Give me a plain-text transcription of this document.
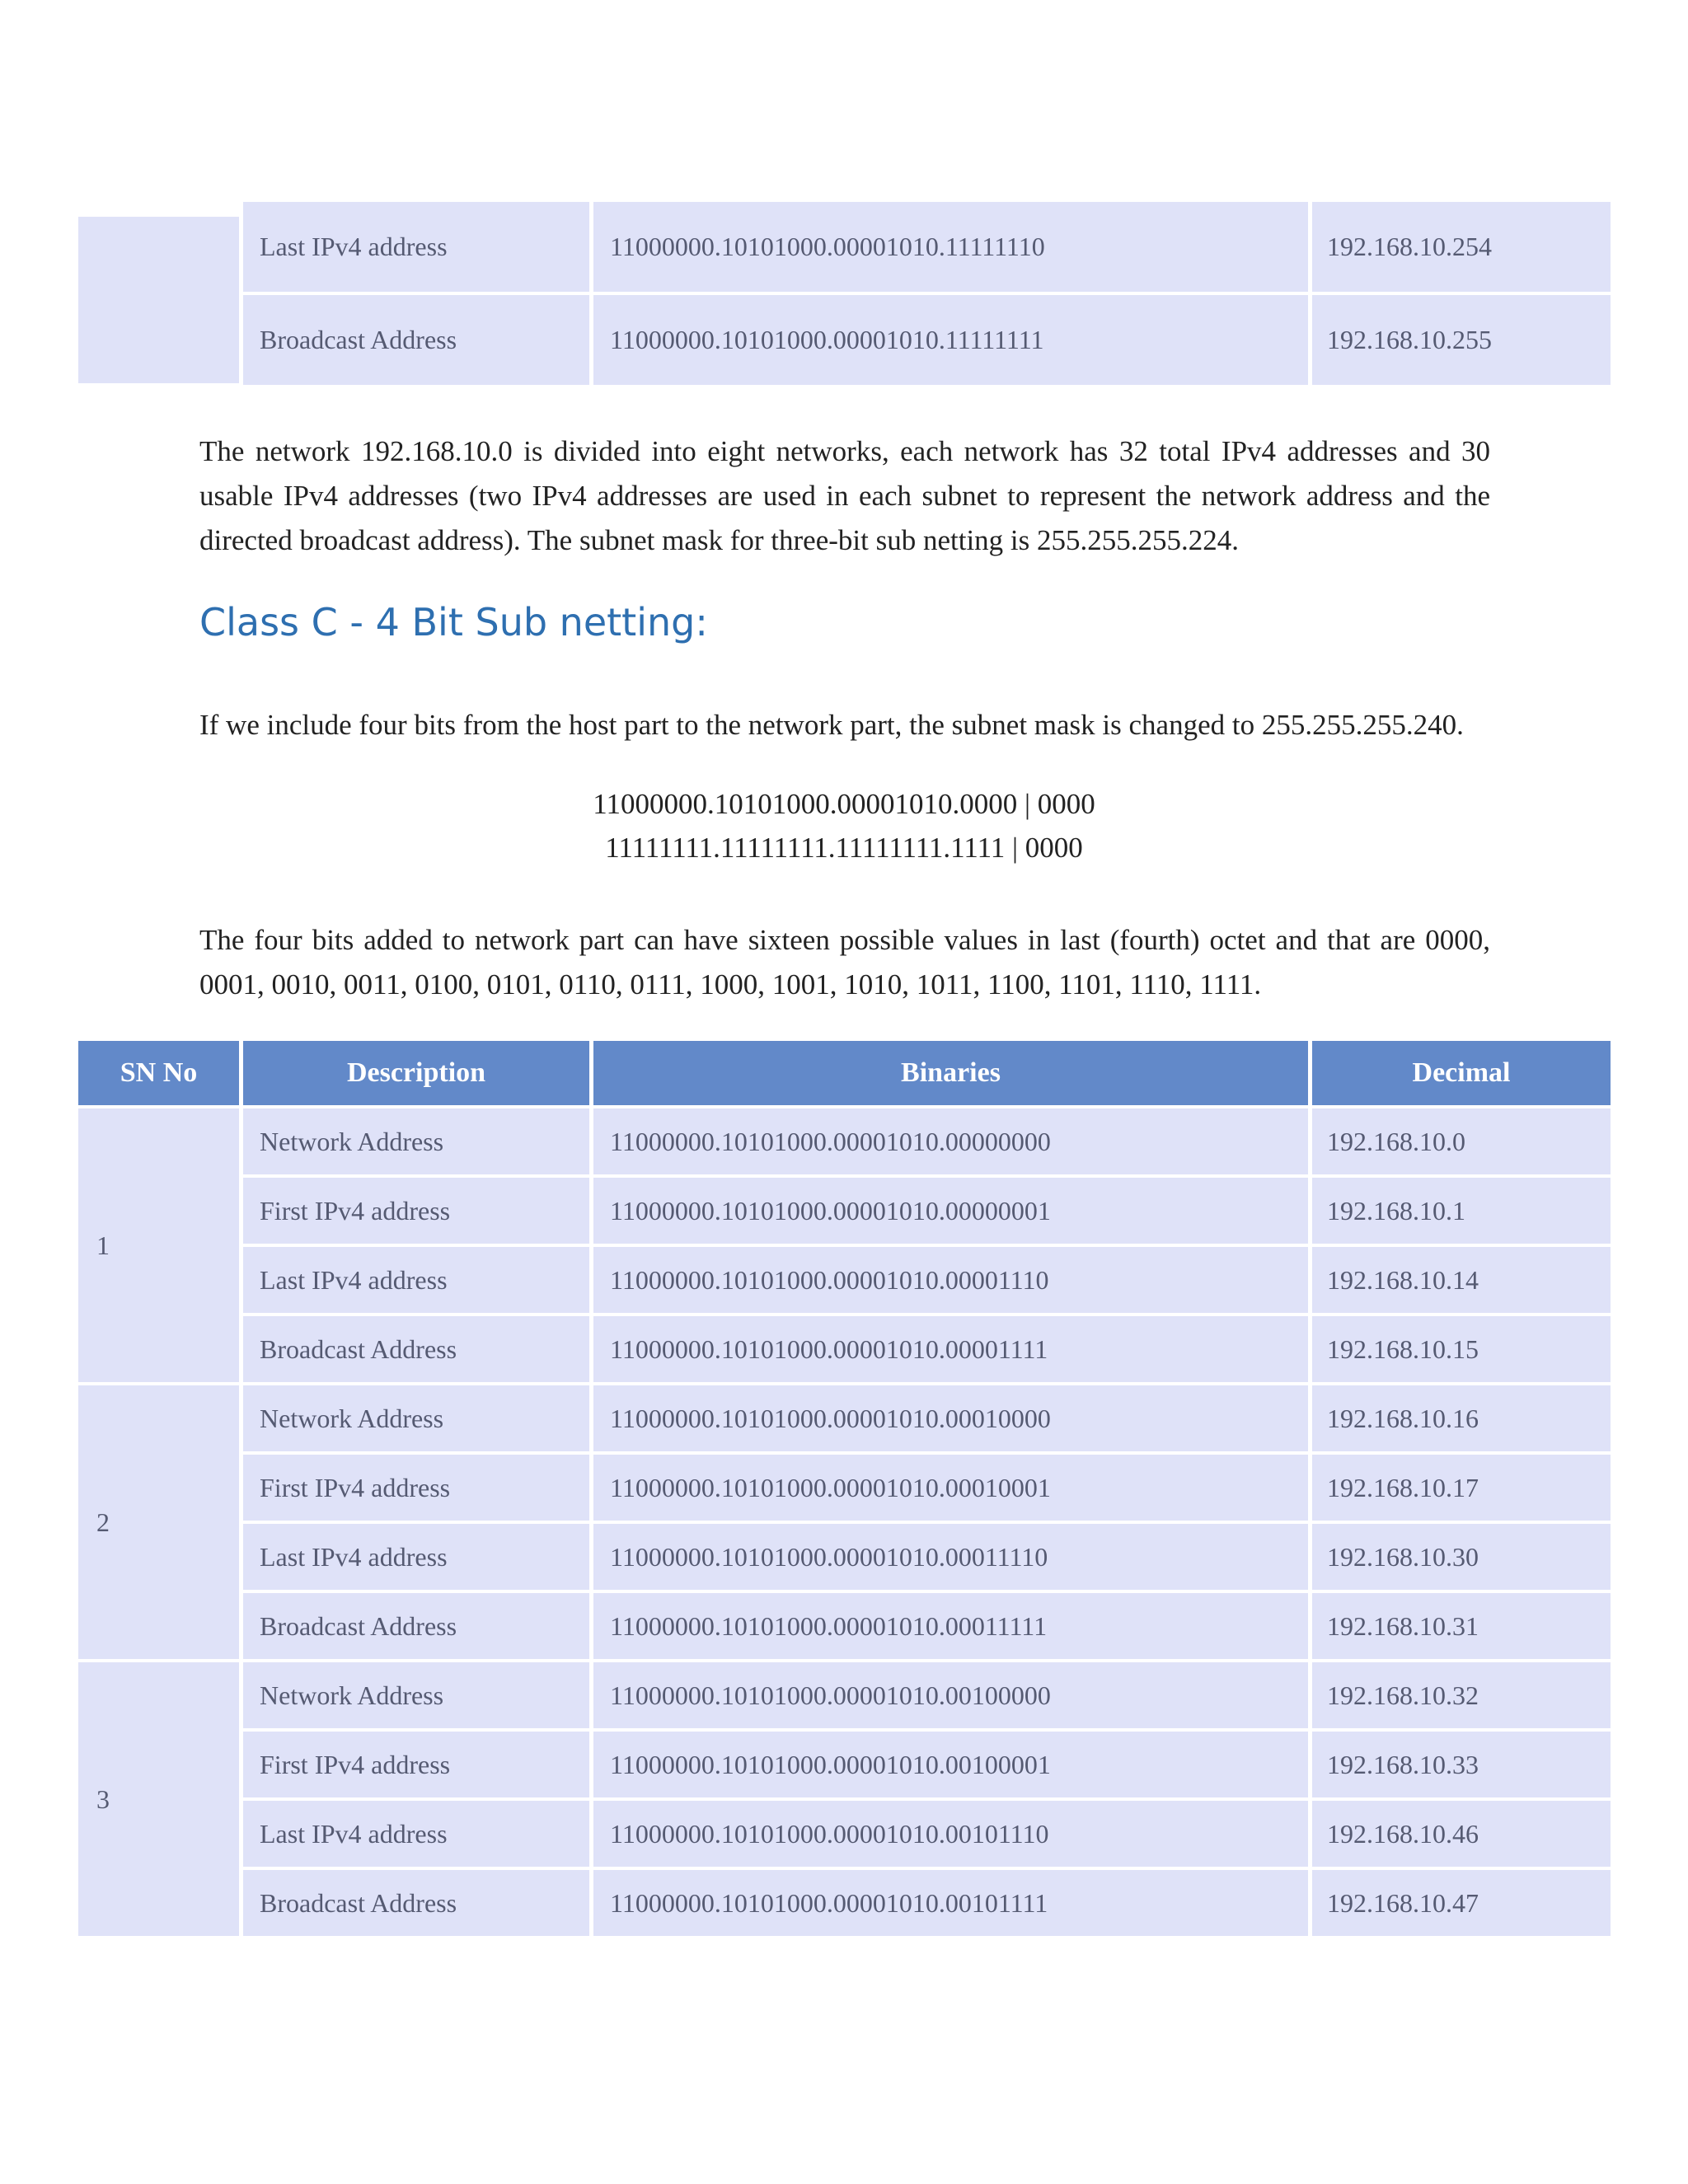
Last IPv4 address	11000000.10101000.00001010.11111110	192.168.10.254
Broadcast Address	11000000.10101000.00001010.11111111	192.168.10.255
The network 192.168.10.0 is divided into eight networks, each network has 32 total IPv4 addresses and 30 usable IPv4 addresses (two IPv4 addresses are used in each subnet to represent the network address and the directed broadcast address). The subnet mask for three-bit sub netting is 255.255.255.224.
Class C - 4 Bit Sub netting:
If we include four bits from the host part to the network part, the subnet mask is changed to 255.255.255.240.
11000000.10101000.00001010.0000 | 0000
11111111.11111111.11111111.1111 | 0000
The four bits added to network part can have sixteen possible values in last (fourth) octet and that are 0000, 0001, 0010, 0011, 0100, 0101, 0110, 0111, 1000, 1001, 1010, 1011, 1100, 1101, 1110, 1111.
SN No	Description	Binaries	Decimal
1
Network Address	11000000.10101000.00001010.00000000	192.168.10.0
First IPv4 address	11000000.10101000.00001010.00000001	192.168.10.1
Last IPv4 address	11000000.10101000.00001010.00001110	192.168.10.14
Broadcast Address	11000000.10101000.00001010.00001111	192.168.10.15
2
Network Address	11000000.10101000.00001010.00010000	192.168.10.16
First IPv4 address	11000000.10101000.00001010.00010001	192.168.10.17
Last IPv4 address	11000000.10101000.00001010.00011110	192.168.10.30
Broadcast Address	11000000.10101000.00001010.00011111	192.168.10.31
3
Network Address	11000000.10101000.00001010.00100000	192.168.10.32
First IPv4 address	11000000.10101000.00001010.00100001	192.168.10.33
Last IPv4 address	11000000.10101000.00001010.00101110	192.168.10.46
Broadcast Address	11000000.10101000.00001010.00101111	192.168.10.47
